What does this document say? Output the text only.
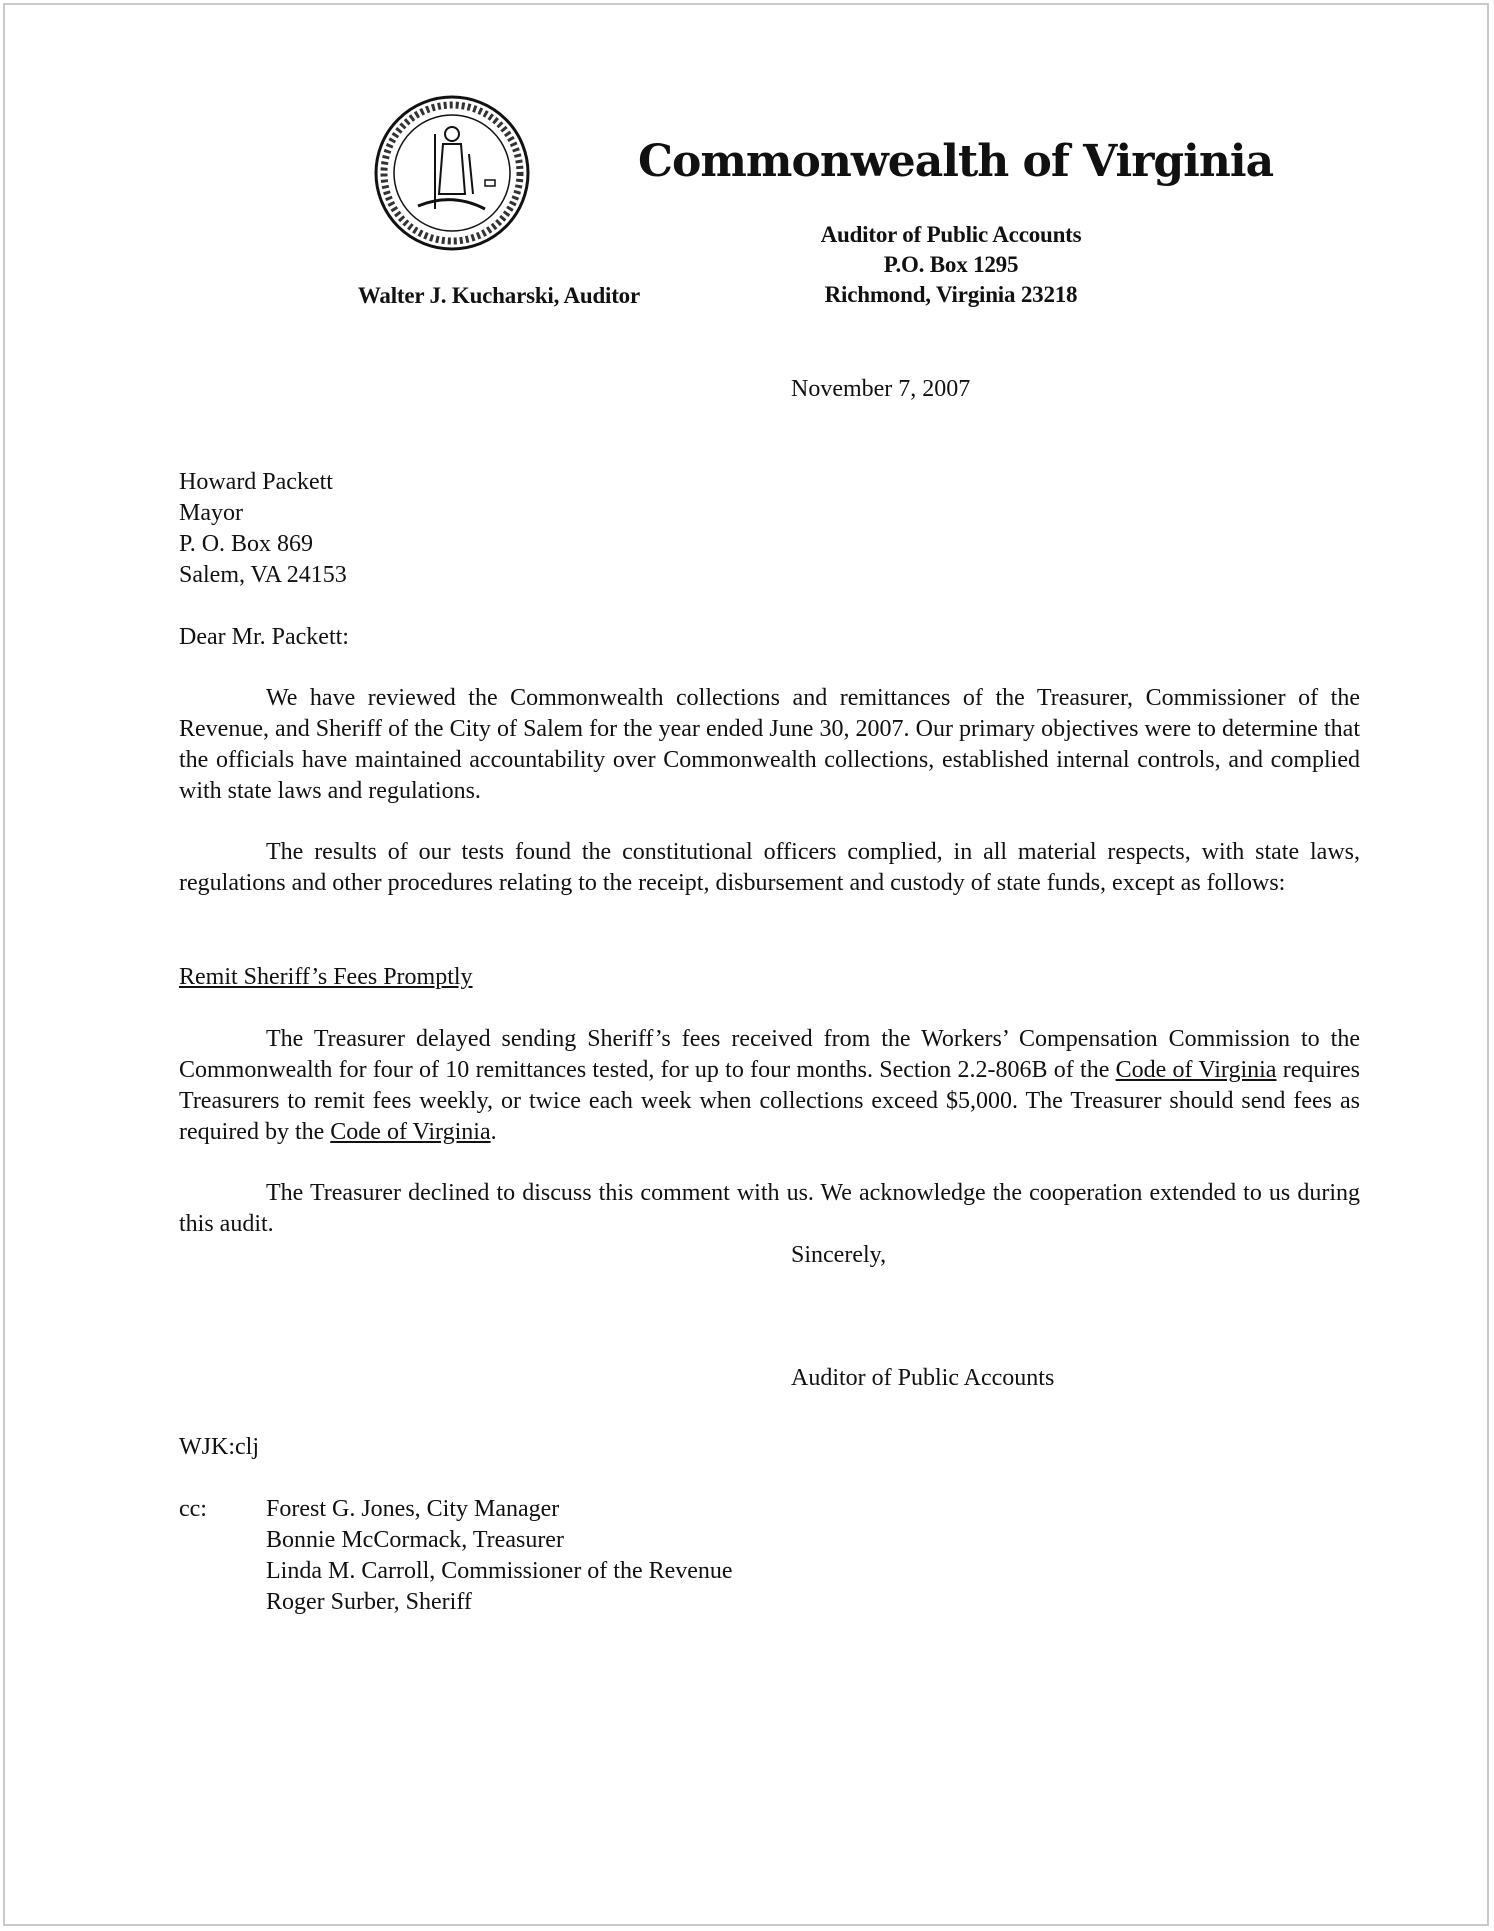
Commonwealth of Virginia
Walter J. Kucharski, Auditor
Auditor of Public Accounts
P.O. Box 1295
Richmond, Virginia 23218
November 7, 2007
Howard Packett
Mayor
P. O. Box 869
Salem, VA 24153
Dear Mr. Packett:
We have reviewed the Commonwealth collections and remittances of the Treasurer, Commissioner of the Revenue, and Sheriff of the City of Salem for the year ended June 30, 2007. Our primary objectives were to determine that the officials have maintained accountability over Commonwealth collections, established internal controls, and complied with state laws and regulations.
The results of our tests found the constitutional officers complied, in all material respects, with state laws, regulations and other procedures relating to the receipt, disbursement and custody of state funds, except as follows:
Remit Sheriff’s Fees Promptly
The Treasurer delayed sending Sheriff’s fees received from the Workers’ Compensation Commission to the Commonwealth for four of 10 remittances tested, for up to four months. Section 2.2-806B of the Code of Virginia requires Treasurers to remit fees weekly, or twice each week when collections exceed $5,000. The Treasurer should send fees as required by the Code of Virginia.
The Treasurer declined to discuss this comment with us. We acknowledge the cooperation extended to us during this audit.
Sincerely,
Auditor of Public Accounts
WJK:clj
cc: Forest G. Jones, City Manager
Bonnie McCormack, Treasurer
Linda M. Carroll, Commissioner of the Revenue
Roger Surber, Sheriff
